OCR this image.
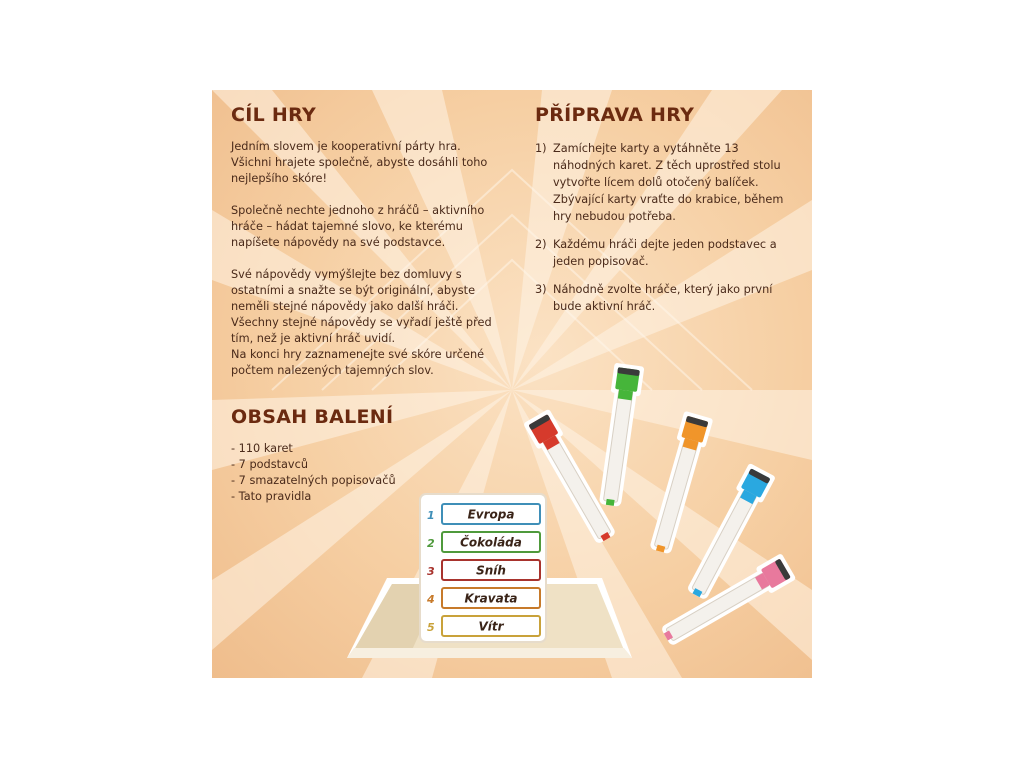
CÍL HRY

Jedním slovem je kooperativní párty hra. Všichni hrajete společně, abyste dosáhli toho nejlepšího skóre!

Společně nechte jednoho z hráčů – aktivního hráče – hádat tajemné slovo, ke kterému napíšete nápovědy na své podstavce.

Své nápovědy vymýšlejte bez domluvy s ostatními a snažte se být originální, abyste neměli stejné nápovědy jako další hráči. Všechny stejné nápovědy se vyřadí ještě před tím, než je aktivní hráč uvidí.

Na konci hry zaznamenejte své skóre určené počtem nalezených tajemných slov.

OBSAH BALENÍ
- 110 karet
- 7 podstavců
- 7 smazatelných popisovačů
- Tato pravidla
PŘÍPRAVA HRY
1) Zamíchejte karty a vytáhněte 13 náhodných karet. Z těch uprostřed stolu vytvořte lícem dolů otočený balíček. Zbývající karty vraťte do krabice, během hry nebudou potřeba.
2) Každému hráči dejte jeden podstavec a jeden popisovač.
3) Náhodně zvolte hráče, který jako první bude aktivní hráč.
1	Evropa
2 Čokoláda
3	Sníh
4 Kravata
5	Vítr
